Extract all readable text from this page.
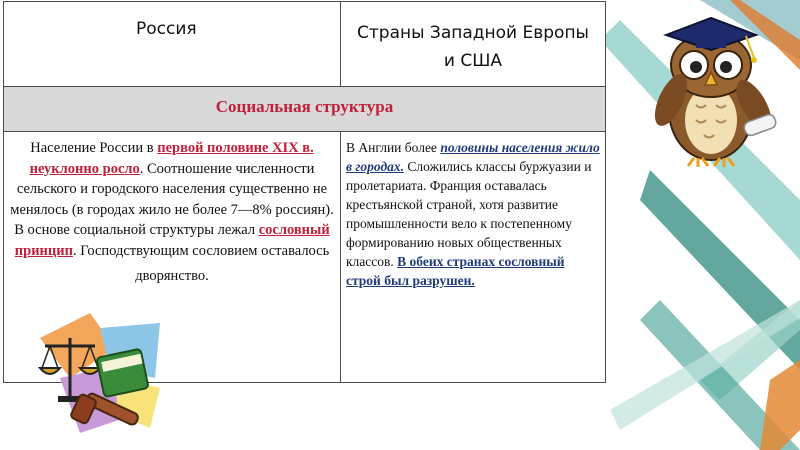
Россия	Страны Западной Европы
и США
Социальная структура
Население России в первой половине XIX в. неуклонно росло. Соотношение численности сельского и городского населения существенно не менялось (в городах жило не более 7—8% россиян). В основе социальной структуры лежал сословный принцип. Господствующим сословием оставалось
дворянство.
В Англии более половины населения жило в городах. Сложились классы буржуазии и пролетариата. Франция оставалась крестьянской страной, хотя развитие промышленности вело к постепенному формированию новых общественных классов. В обеих странах сословный строй был разрушен.
